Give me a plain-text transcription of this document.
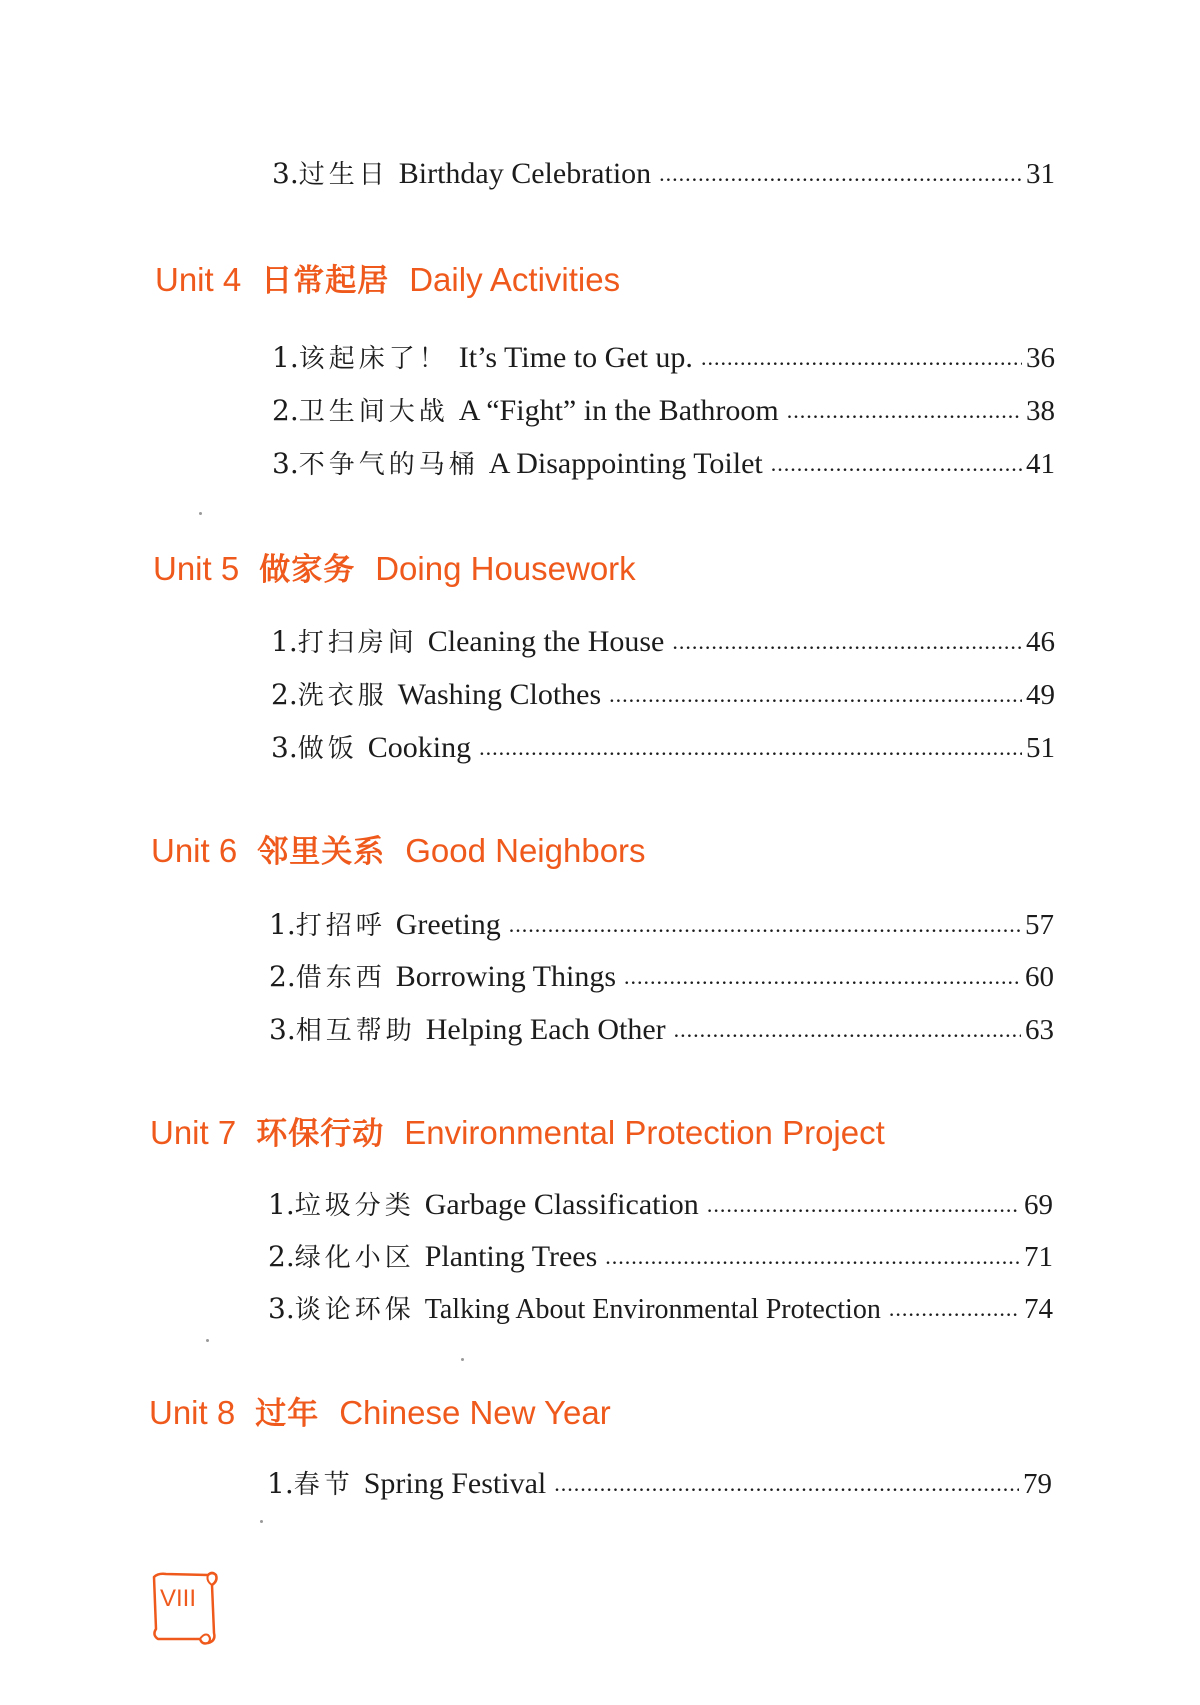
3. 过生日 Birthday Celebration .....	31
Unit 4 日常起居 Daily Activities
1. 该起床了！ It’s Time to Get up. .....	36
2. 卫生间大战 A “Fight” in the Bathroom .....	38
3. 不争气的马桶 A Disappointing Toilet .....	41
Unit 5 做家务 Doing Housework
1. 打扫房间 Cleaning the House .....	46
2. 洗衣服 Washing Clothes .....	49
3. 做饭 Cooking .....	51
Unit 6 邻里关系 Good Neighbors
1. 打招呼 Greeting .....	57
2. 借东西 Borrowing Things .....	60
3. 相互帮助 Helping Each Other .....	63
Unit 7 环保行动 Environmental Protection Project
1. 垃圾分类 Garbage Classification .....	69
2. 绿化小区 Planting Trees .....	71
3. 谈论环保 Talking About Environmental Protection .....	74
Unit 8 过年 Chinese New Year
1. 春节 Spring Festival .....	79
VIII
